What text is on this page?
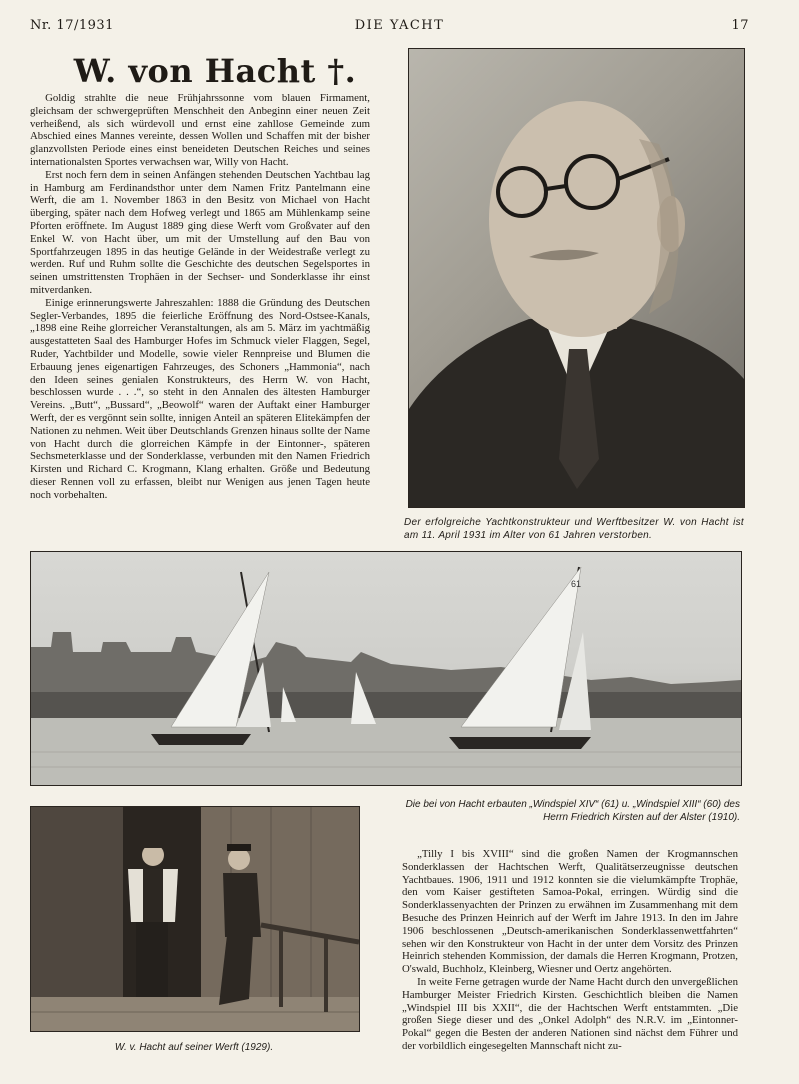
Nr. 17/1931	DIE YACHT	17
W. von Hacht †.

Goldig strahlte die neue Frühjahrssonne vom blauen Firmament, gleichsam der schwergeprüften Menschheit den Anbeginn einer neuen Zeit verheißend, als sich würdevoll und ernst eine zahllose Gemeinde zum Abschied eines Mannes vereinte, dessen Wollen und Schaffen mit der bisher glanzvollsten Periode eines einst beneideten Deutschen Reiches und seines internationalsten Sportes verwachsen war, Willy von Hacht.

Erst noch fern dem in seinen Anfängen stehenden Deutschen Yachtbau lag in Hamburg am Ferdinandsthor unter dem Namen Fritz Pantelmann eine Werft, die am 1. November 1863 in den Besitz von Michael von Hacht überging, später nach dem Hofweg verlegt und 1865 am Mühlenkamp seine Pforten eröffnete. Im August 1889 ging diese Werft vom Großvater auf den Enkel W. von Hacht über, um mit der Umstellung auf den Bau von Sportfahrzeugen 1895 in das heutige Gelände in der Weidestraße verlegt zu werden. Ruf und Ruhm sollte die Geschichte des deutschen Segelsportes in seinen umstrittensten Trophäen in der Sechser- und Sonderklasse ihr einst mitverdanken.

Einige erinnerungswerte Jahreszahlen: 1888 die Gründung des Deutschen Segler-Verbandes, 1895 die feierliche Eröffnung des Nord-Ostsee-Kanals, „1898 eine Reihe glorreicher Veranstaltungen, als am 5. März im yachtmäßig ausgestatteten Saal des Hamburger Hofes im Schmuck vieler Flaggen, Segel, Ruder, Yachtbilder und Modelle, sowie vieler Rennpreise und Blumen die Erbauung jenes eigenartigen Fahrzeuges, des Schoners „Hammonia“, nach den Ideen seines genialen Konstrukteurs, des Herrn W. von Hacht, beschlossen wurde . . .“, so steht in den Annalen des ältesten Hamburger Vereins. „Butt“, „Bussard“, „Beowolf“ waren der Auftakt einer Hamburger Werft, der es vergönnt sein sollte, innigen Anteil an späteren Elitekämpfen der Nationen zu nehmen. Weit über Deutschlands Grenzen hinaus sollte der Name von Hacht durch die glorreichen Kämpfe in der Eintonner-, späteren Sechsmeterklasse und der Sonderklasse, verbunden mit den Namen Friedrich Kirsten und Richard C. Krogmann, Klang erhalten. Größe und Bedeutung dieser Rennen voll zu erfassen, bleibt nur Wenigen aus jenen Tagen heute noch vorbehalten.

Der erfolgreiche Yachtkonstrukteur und Werftbesitzer W. von Hacht ist am 11. April 1931 im Alter von 61 Jahren verstorben.
61
Die bei von Hacht erbauten „Windspiel XIV“ (61) u. „Windspiel XIII“ (60) des Herrn Friedrich Kirsten auf der Alster (1910).
W. v. Hacht auf seiner Werft (1929).

„Tilly I bis XVIII“ sind die großen Namen der Krogmannschen Sonderklassen der Hachtschen Werft, Qualitätserzeugnisse deutschen Yachtbaues. 1906, 1911 und 1912 konnten sie die vielumkämpfte Trophäe, den vom Kaiser gestifteten Samoa-Pokal, erringen. Würdig sind die Sonderklassenyachten der Prinzen zu erwähnen im Zusammenhang mit dem Besuche des Prinzen Heinrich auf der Werft im Jahre 1913. In den im Jahre 1906 beschlossenen „Deutsch-amerikanischen Sonderklassenwettfahrten“ sehen wir den Konstrukteur von Hacht in der unter dem Vorsitz des Prinzen Heinrich stehenden Kommission, der damals die Herren Krogmann, Protzen, O'swald, Buchholz, Kleinberg, Wiesner und Oertz angehörten.

In weite Ferne getragen wurde der Name Hacht durch den unvergeßlichen Hamburger Meister Friedrich Kirsten. Geschichtlich bleiben die Namen „Windspiel III bis XXII“, die der Hachtschen Werft entstammten. „Die großen Siege dieser und des „Onkel Adolph“ des N.R.V. im „Eintonner-Pokal“ gegen die Besten der anderen Nationen sind nächst dem Führer und der vorbildlich eingesegelten Mannschaft nicht zu-
